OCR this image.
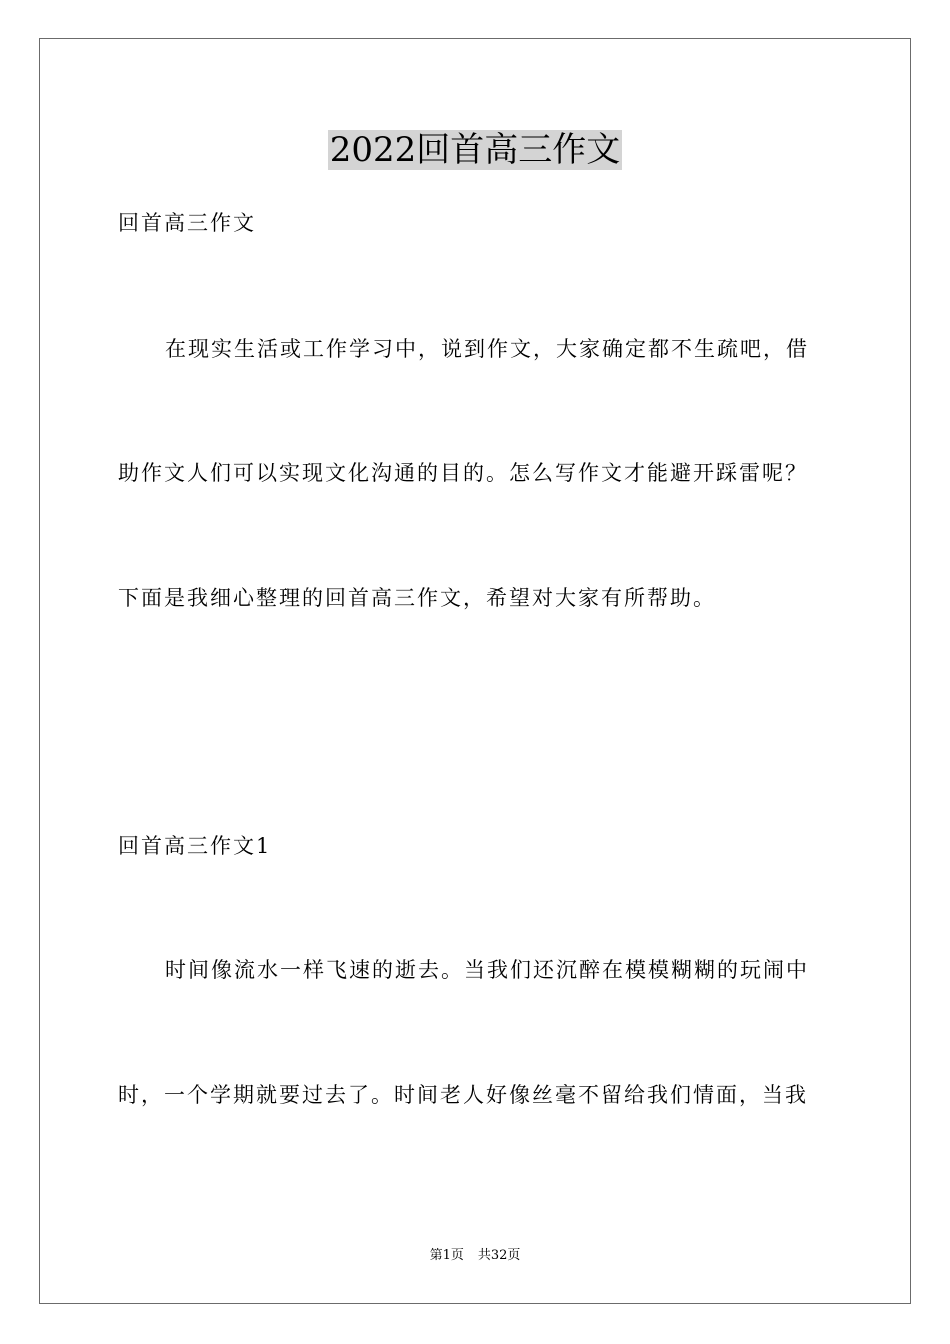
2022回首高三作文

回首高三作文

在现实生活或工作学习中，说到作文，大家确定都不生疏吧，借

助作文人们可以实现文化沟通的目的。怎么写作文才能避开踩雷呢？

下面是我细心整理的回首高三作文，希望对大家有所帮助。

回首高三作文1

时间像流水一样飞速的逝去。当我们还沉醉在模模糊糊的玩闹中

时，一个学期就要过去了。时间老人好像丝毫不留给我们情面，当我

第1页 共32页
